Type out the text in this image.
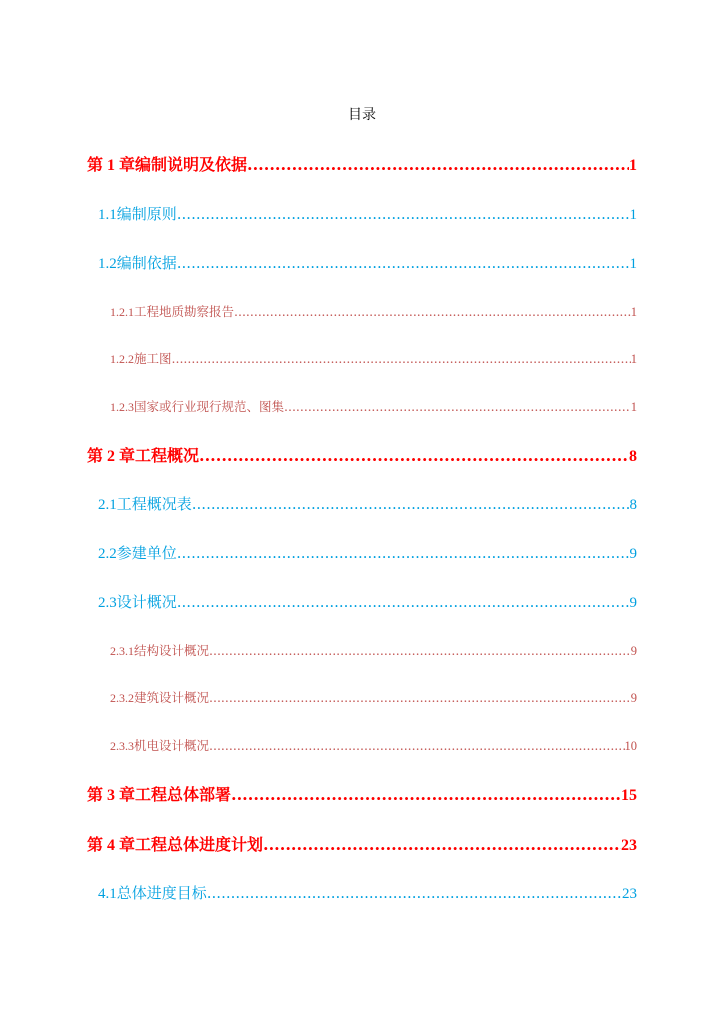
目录
第 1 章 编制说明及依据 .....	1
1.1 编制原则 .....	1
1.2 编制依据 .....	1
1.2.1 工程地质勘察报告 .....	1
1.2.2 施工图 .....	1
1.2.3 国家或行业现行规范、图集 .....	1
第 2 章 工程概况 .....	8
2.1 工程概况表 .....	8
2.2 参建单位 .....	9
2.3 设计概况 .....	9
2.3.1 结构设计概况 .....	9
2.3.2 建筑设计概况 .....	9
2.3.3 机电设计概况 .....	10
第 3 章 工程总体部署 .....	15
第 4 章 工程总体进度计划 .....	23
4.1 总体进度目标 .....	23
